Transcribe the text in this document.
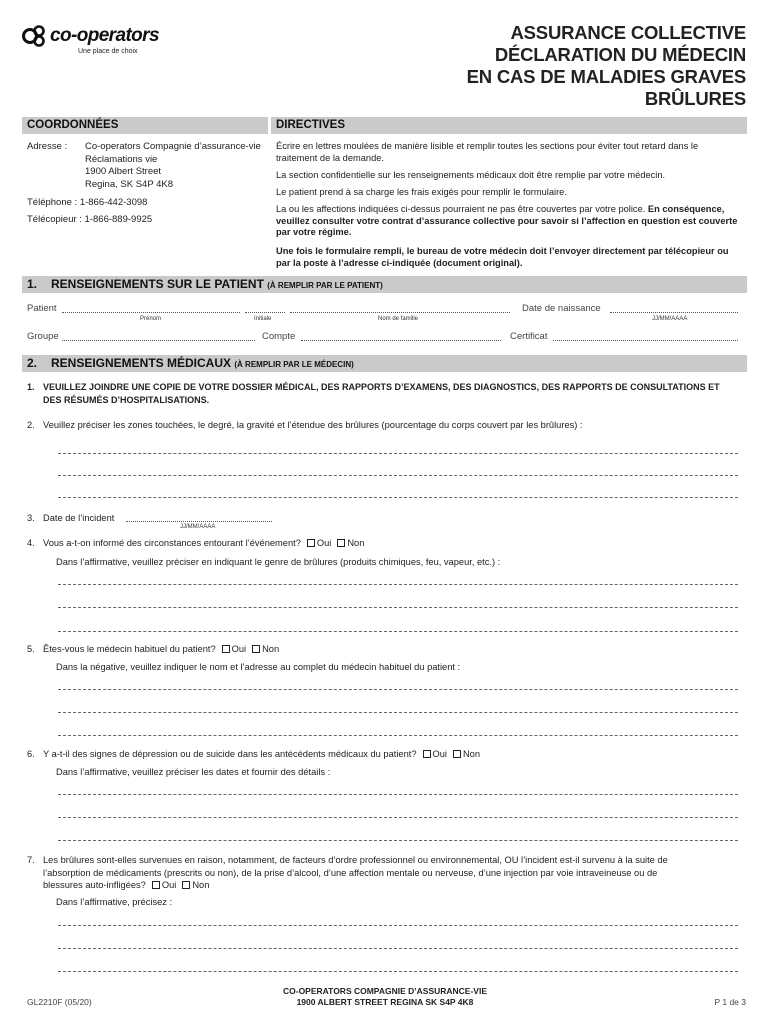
co-operators
Une place de choix
ASSURANCE COLLECTIVE
DÉCLARATION DU MÉDECIN
EN CAS DE MALADIES GRAVES
BRÛLURES
COORDONNÉES	DIRECTIVES
Adresse : Co-operators Compagnie d’assurance-vie
Réclamations vie
1900 Albert Street
Regina, SK S4P 4K8
Téléphone : 1-866-442-3098
Télécopieur : 1-866-889-9925
Écrire en lettres moulées de manière lisible et remplir toutes les sections pour éviter tout retard dans le traitement de la demande.
La section confidentielle sur les renseignements médicaux doit être remplie par votre médecin.
Le patient prend à sa charge les frais exigés pour remplir le formulaire.
La ou les affections indiquées ci-dessus pourraient ne pas être couvertes par votre police. En conséquence, veuillez consulter votre contrat d’assurance collective pour savoir si l’affection en question est couverte par votre régime.
Une fois le formulaire rempli, le bureau de votre médecin doit l’envoyer directement par télécopieur ou par la poste à l’adresse ci-indiquée (document original).
1. RENSEIGNEMENTS SUR LE PATIENT (À REMPLIR PAR LE PATIENT)
Patient
Prénom	Initiale	Nom de famille
Date de naissance
JJ/MM/AAAA
Groupe	Compte	Certificat
2. RENSEIGNEMENTS MÉDICAUX (À REMPLIR PAR LE MÉDECIN)
1. VEUILLEZ JOINDRE UNE COPIE DE VOTRE DOSSIER MÉDICAL, DES RAPPORTS D’EXAMENS, DES DIAGNOSTICS, DES RAPPORTS DE CONSULTATIONS ET DES RÉSUMÉS D’HOSPITALISATIONS.
2. Veuillez préciser les zones touchées, le degré, la gravité et l’étendue des brûlures (pourcentage du corps couvert par les brûlures) :
3. Date de l’incident
JJ/MM/AAAA
4. Vous a-t-on informé des circonstances entourant l’événement? Oui Non
Dans l’affirmative, veuillez préciser en indiquant le genre de brûlures (produits chimiques, feu, vapeur, etc.) :
5. Êtes-vous le médecin habituel du patient? Oui Non
Dans la négative, veuillez indiquer le nom et l’adresse au complet du médecin habituel du patient :
6. Y a-t-il des signes de dépression ou de suicide dans les antécédents médicaux du patient? Oui Non
Dans l’affirmative, veuillez préciser les dates et fournir des détails :
7. Les brûlures sont-elles survenues en raison, notamment, de facteurs d’ordre professionnel ou environnemental, OU l’incident est-il survenu à la suite de
l’absorption de médicaments (prescrits ou non), de la prise d’alcool, d’une affection mentale ou nerveuse, d’une injection par voie intraveineuse ou de
blessures auto-infligées? Oui Non
Dans l’affirmative, précisez :
GL2210F (05/20)
CO-OPERATORS COMPAGNIE D’ASSURANCE-VIE
1900 ALBERT STREET REGINA SK S4P 4K8	P 1 de 3
